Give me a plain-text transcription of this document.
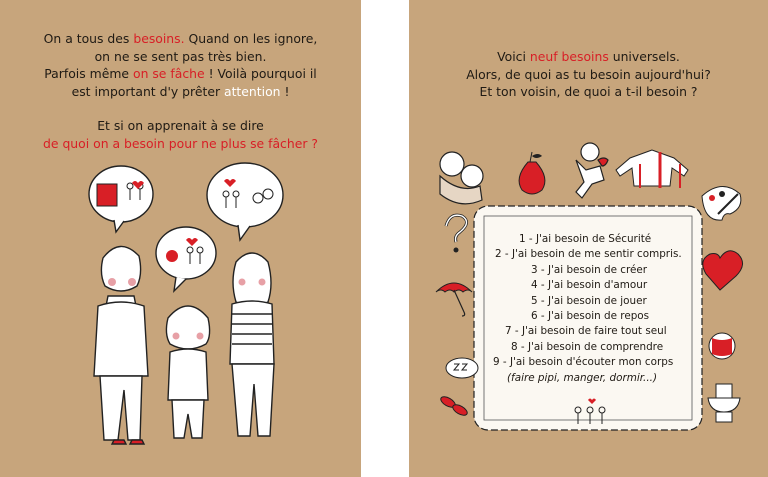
On a tous des besoins. Quand on les ignore,
on ne se sent pas très bien.
Parfois même on se fâche ! Voilà pourquoi il
est important d'y prêter attention !
Et si on apprenait à se dire
de quoi on a besoin pour ne plus se fâcher ?
Voici neuf besoins universels.
Alors, de quoi as tu besoin aujourd'hui?
Et ton voisin, de quoi a t-il besoin ?
1 - J'ai besoin de Sécurité
2 - J'ai besoin de me sentir compris.
3 - J'ai besoin de créer
4 - J'ai besoin d'amour
5 - J'ai besoin de jouer
6 - J'ai besoin de repos
7 - J'ai besoin de faire tout seul
8 - J'ai besoin de comprendre
9 - J'ai besoin d'écouter mon corps
(faire pipi, manger, dormir...)
